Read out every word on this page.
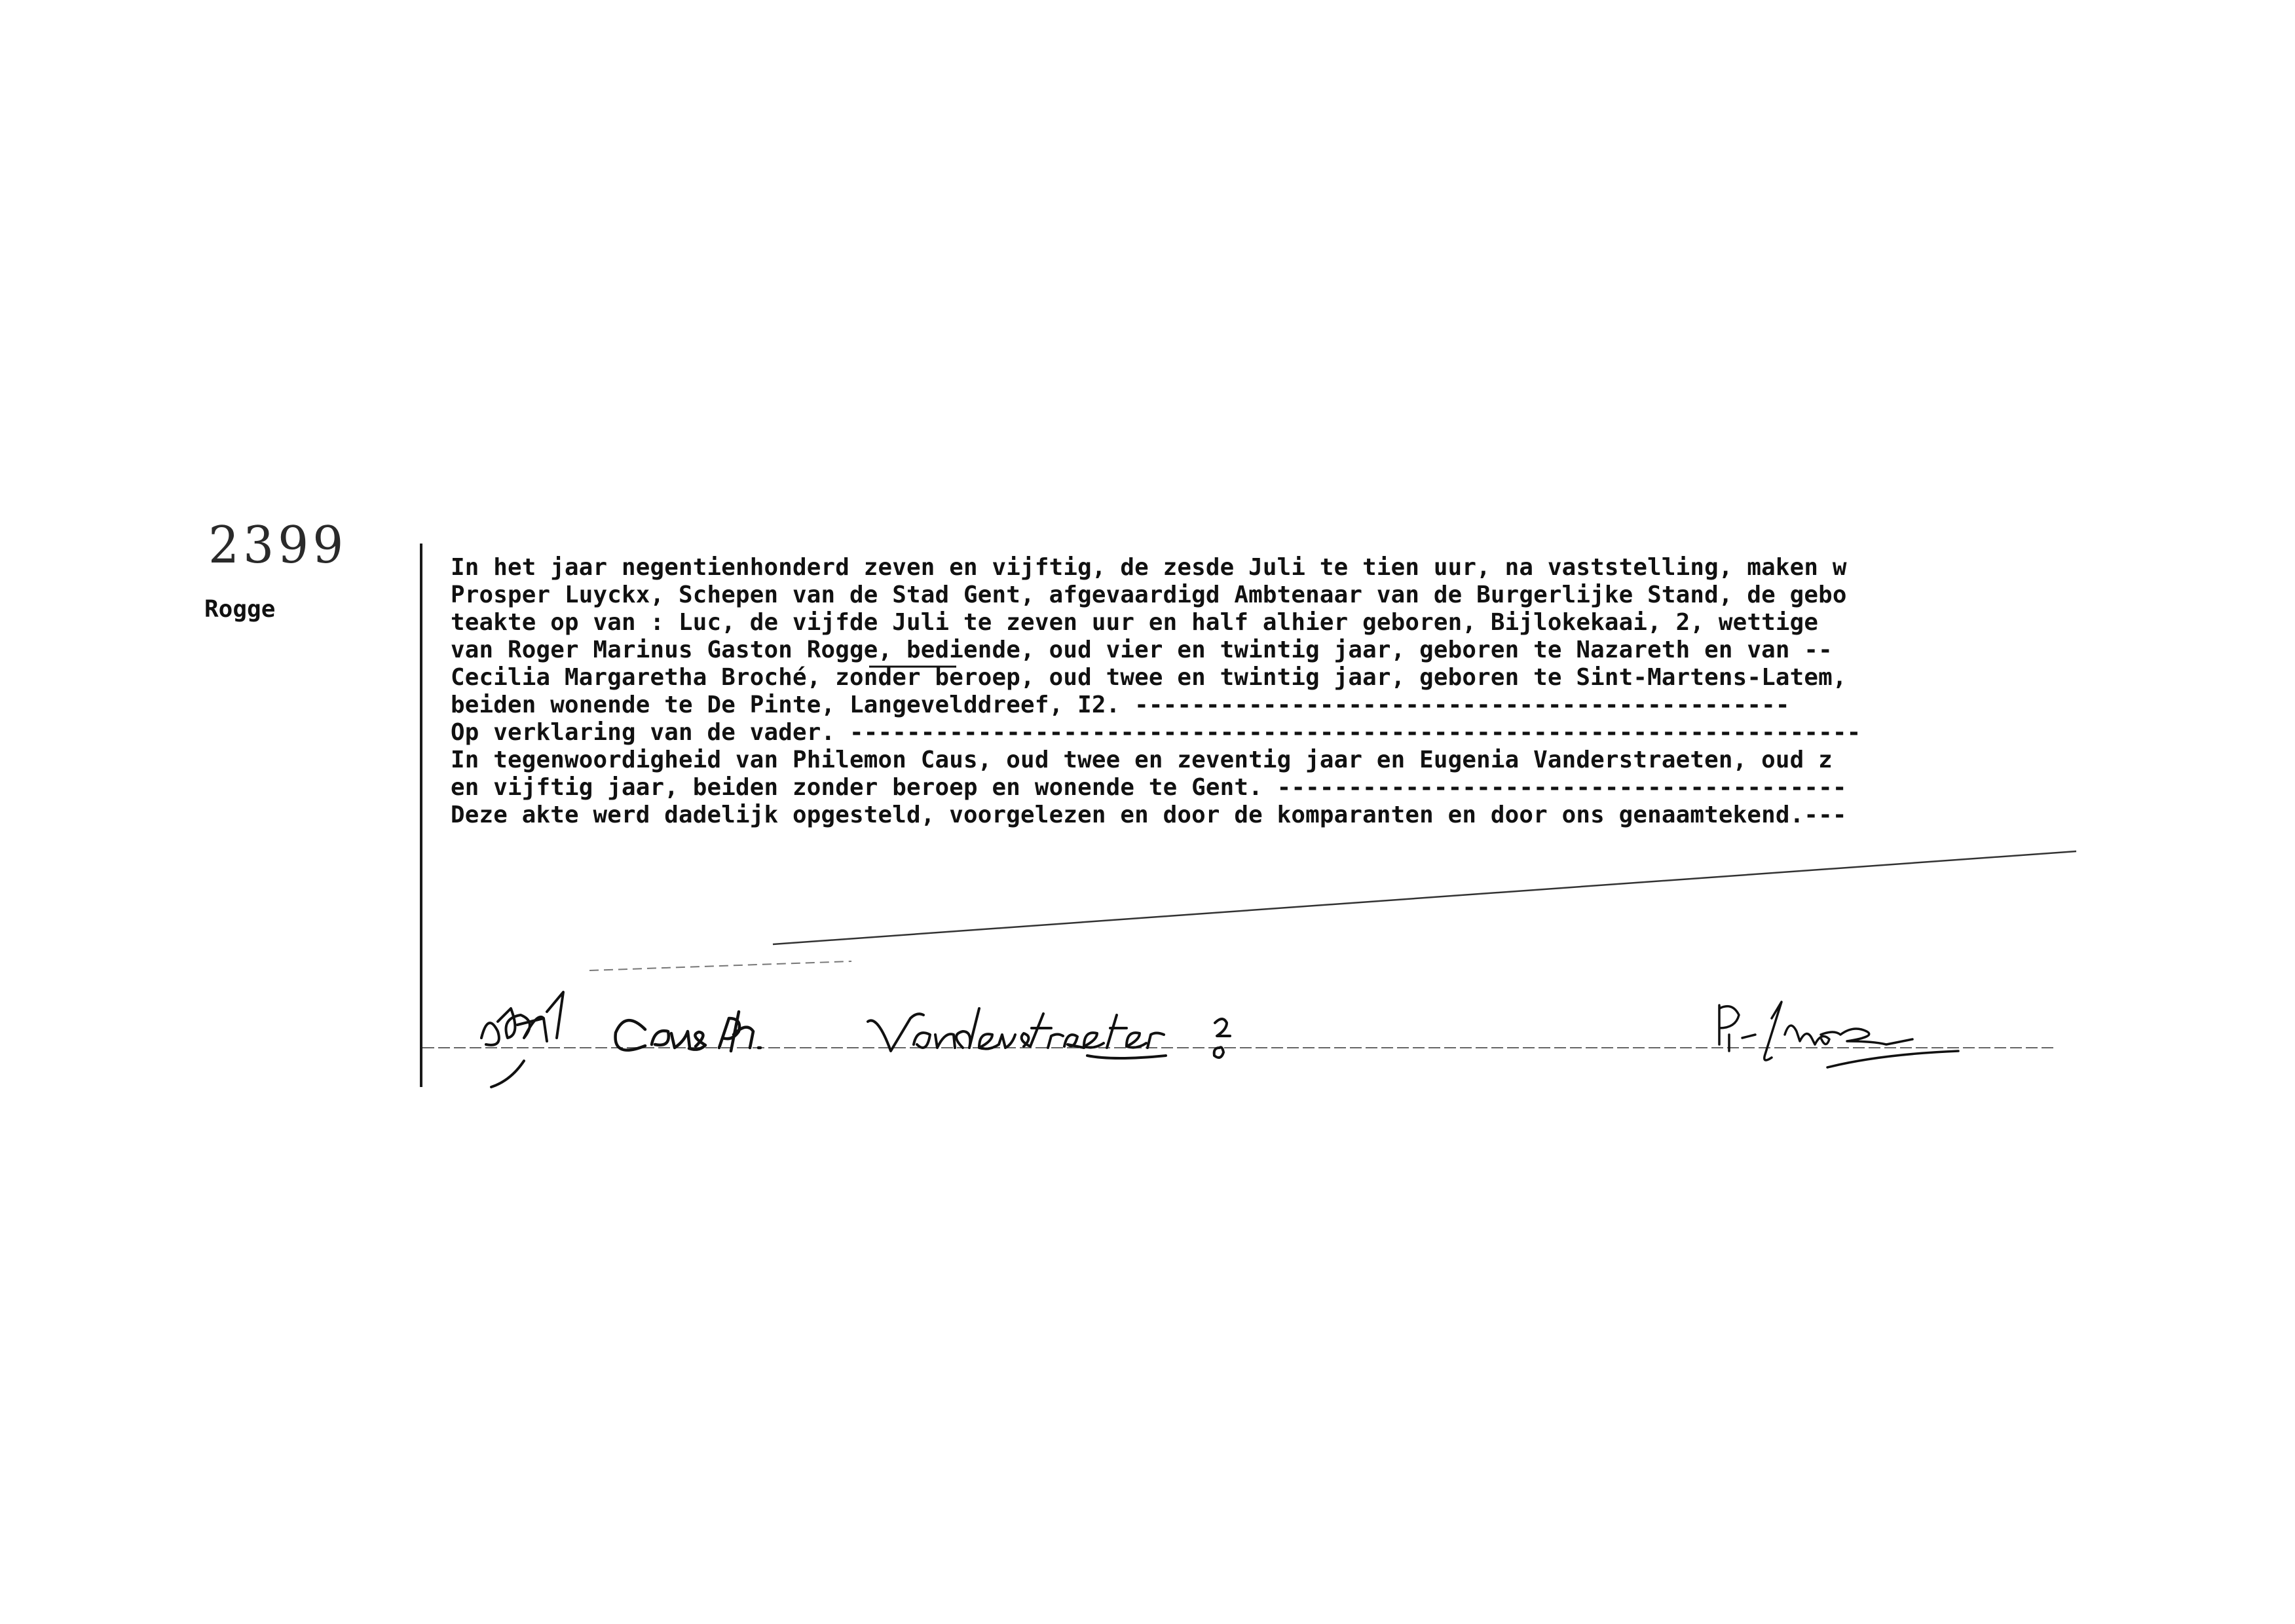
2399
Rogge
In het jaar negentienhonderd zeven en vijftig, de zesde Juli te tien uur, na vaststelling, maken w
Prosper Luyckx, Schepen van de Stad Gent, afgevaardigd Ambtenaar van de Burgerlijke Stand, de gebo
teakte op van : Luc, de vijfde Juli te zeven uur en half alhier geboren, Bijlokekaai, 2, wettige
van Roger Marinus Gaston Rogge, bediende, oud vier en twintig jaar, geboren te Nazareth en van --
Cecilia Margaretha Broché, zonder beroep, oud twee en twintig jaar, geboren te Sint-Martens-Latem,
beiden wonende te De Pinte, Langevelddreef, I2. ----------------------------------------------
Op verklaring van de vader. -----------------------------------------------------------------------
In tegenwoordigheid van Philemon Caus, oud twee en zeventig jaar en Eugenia Vanderstraeten, oud z
en vijftig jaar, beiden zonder beroep en wonende te Gent. ----------------------------------------
Deze akte werd dadelijk opgesteld, voorgelezen en door de komparanten en door ons genaamtekend.---
